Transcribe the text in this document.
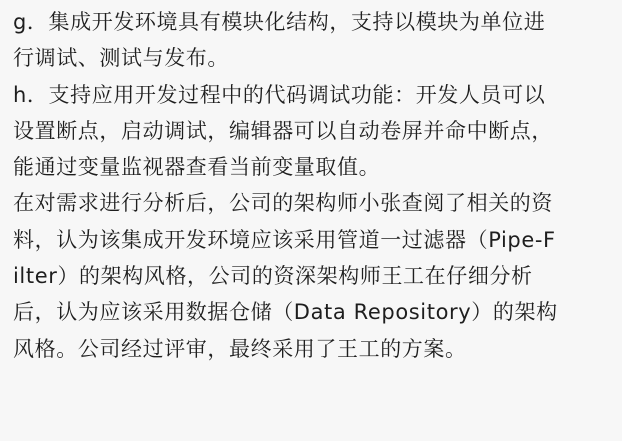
g．集成开发环境具有模块化结构，支持以模块为单位进
行调试、测试与发布。
h．支持应用开发过程中的代码调试功能：开发人员可以
设置断点，启动调试，编辑器可以自动卷屏并命中断点，
能通过变量监视器查看当前变量取值。
在对需求进行分析后，公司的架构师小张查阅了相关的资
料，认为该集成开发环境应该采用管道一过滤器（Pipe-F
ilter）的架构风格，公司的资深架构师王工在仔细分析
后，认为应该采用数据仓储（Data Repository）的架构
风格。公司经过评审，最终采用了王工的方案。
